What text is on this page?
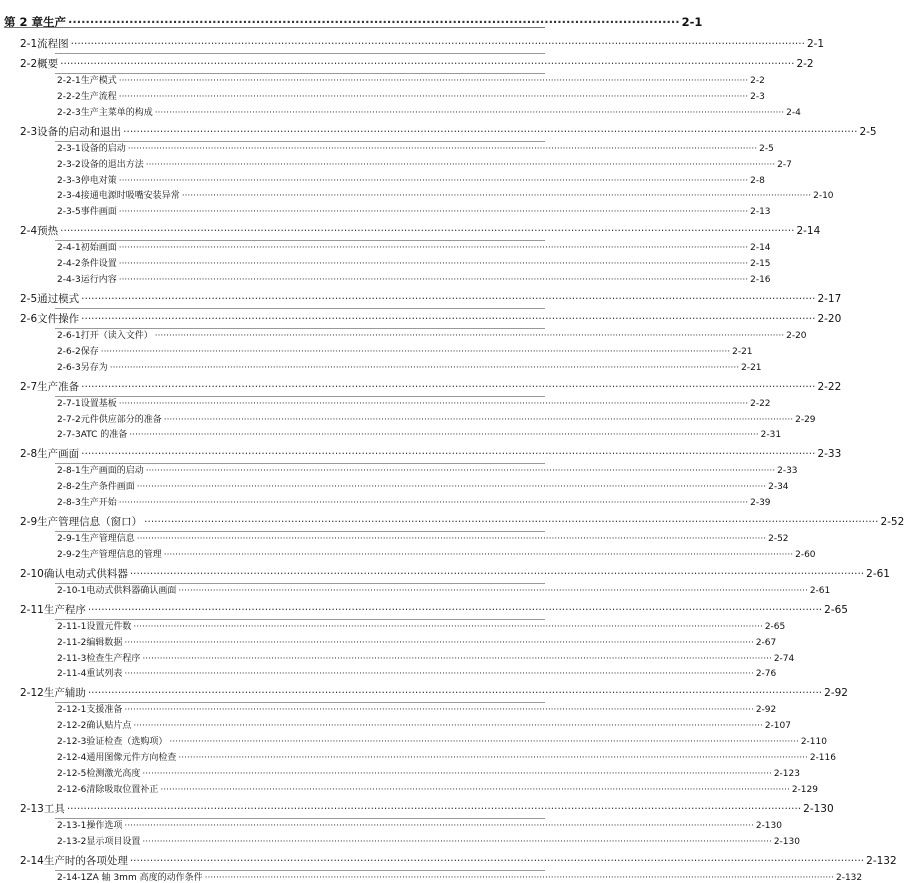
第 2 章 生产 ············································································································································ 2-1
2-1 流程图 ···························································································································································································································· 2-1
2-2 概要 ···························································································································································································································· 2-2
2-2-1 生产模式 ···························································································································································································································· 2-2
2-2-2 生产流程 ···························································································································································································································· 2-3
2-2-3 生产主菜单的构成 ···························································································································································································································· 2-4
2-3 设备的启动和退出 ···························································································································································································································· 2-5
2-3-1 设备的启动 ···························································································································································································································· 2-5
2-3-2 设备的退出方法 ···························································································································································································································· 2-7
2-3-3 停电对策 ···························································································································································································································· 2-8
2-3-4 接通电源时吸嘴安装异常 ···························································································································································································································· 2-10
2-3-5 事件画面 ···························································································································································································································· 2-13
2-4 预热 ···························································································································································································································· 2-14
2-4-1 初始画面 ···························································································································································································································· 2-14
2-4-2 条件设置 ···························································································································································································································· 2-15
2-4-3 运行内容 ···························································································································································································································· 2-16
2-5 通过模式 ···························································································································································································································· 2-17
2-6 文件操作 ···························································································································································································································· 2-20
2-6-1 打开（读入文件） ···························································································································································································································· 2-20
2-6-2 保存 ···························································································································································································································· 2-21
2-6-3 另存为 ···························································································································································································································· 2-21
2-7 生产准备 ···························································································································································································································· 2-22
2-7-1 设置基板 ···························································································································································································································· 2-22
2-7-2 元件供应部分的准备 ···························································································································································································································· 2-29
2-7-3 ATC 的准备 ···························································································································································································································· 2-31
2-8 生产画面 ···························································································································································································································· 2-33
2-8-1 生产画面的启动 ···························································································································································································································· 2-33
2-8-2 生产条件画面 ···························································································································································································································· 2-34
2-8-3 生产开始 ···························································································································································································································· 2-39
2-9 生产管理信息（窗口） ···························································································································································································································· 2-52
2-9-1 生产管理信息 ···························································································································································································································· 2-52
2-9-2 生产管理信息的管理 ···························································································································································································································· 2-60
2-10 确认电动式供料器 ···························································································································································································································· 2-61
2-10-1 电动式供料器确认画面 ···························································································································································································································· 2-61
2-11 生产程序 ···························································································································································································································· 2-65
2-11-1 设置元件数 ···························································································································································································································· 2-65
2-11-2 编辑数据 ···························································································································································································································· 2-67
2-11-3 检查生产程序 ···························································································································································································································· 2-74
2-11-4 重试列表 ···························································································································································································································· 2-76
2-12 生产辅助 ···························································································································································································································· 2-92
2-12-1 支援准备 ···························································································································································································································· 2-92
2-12-2 确认贴片点 ···························································································································································································································· 2-107
2-12-3 验证检查（选购项） ···························································································································································································································· 2-110
2-12-4 通用图像元件方向检查 ···························································································································································································································· 2-116
2-12-5 检测激光高度 ···························································································································································································································· 2-123
2-12-6 清除吸取位置补正 ···························································································································································································································· 2-129
2-13 工具 ···························································································································································································································· 2-130
2-13-1 操作选项 ···························································································································································································································· 2-130
2-13-2 显示项目设置 ···························································································································································································································· 2-130
2-14 生产时的各项处理 ···························································································································································································································· 2-132
2-14-1 ZA 轴 3mm 高度的动作条件 ···························································································································································································································· 2-132
